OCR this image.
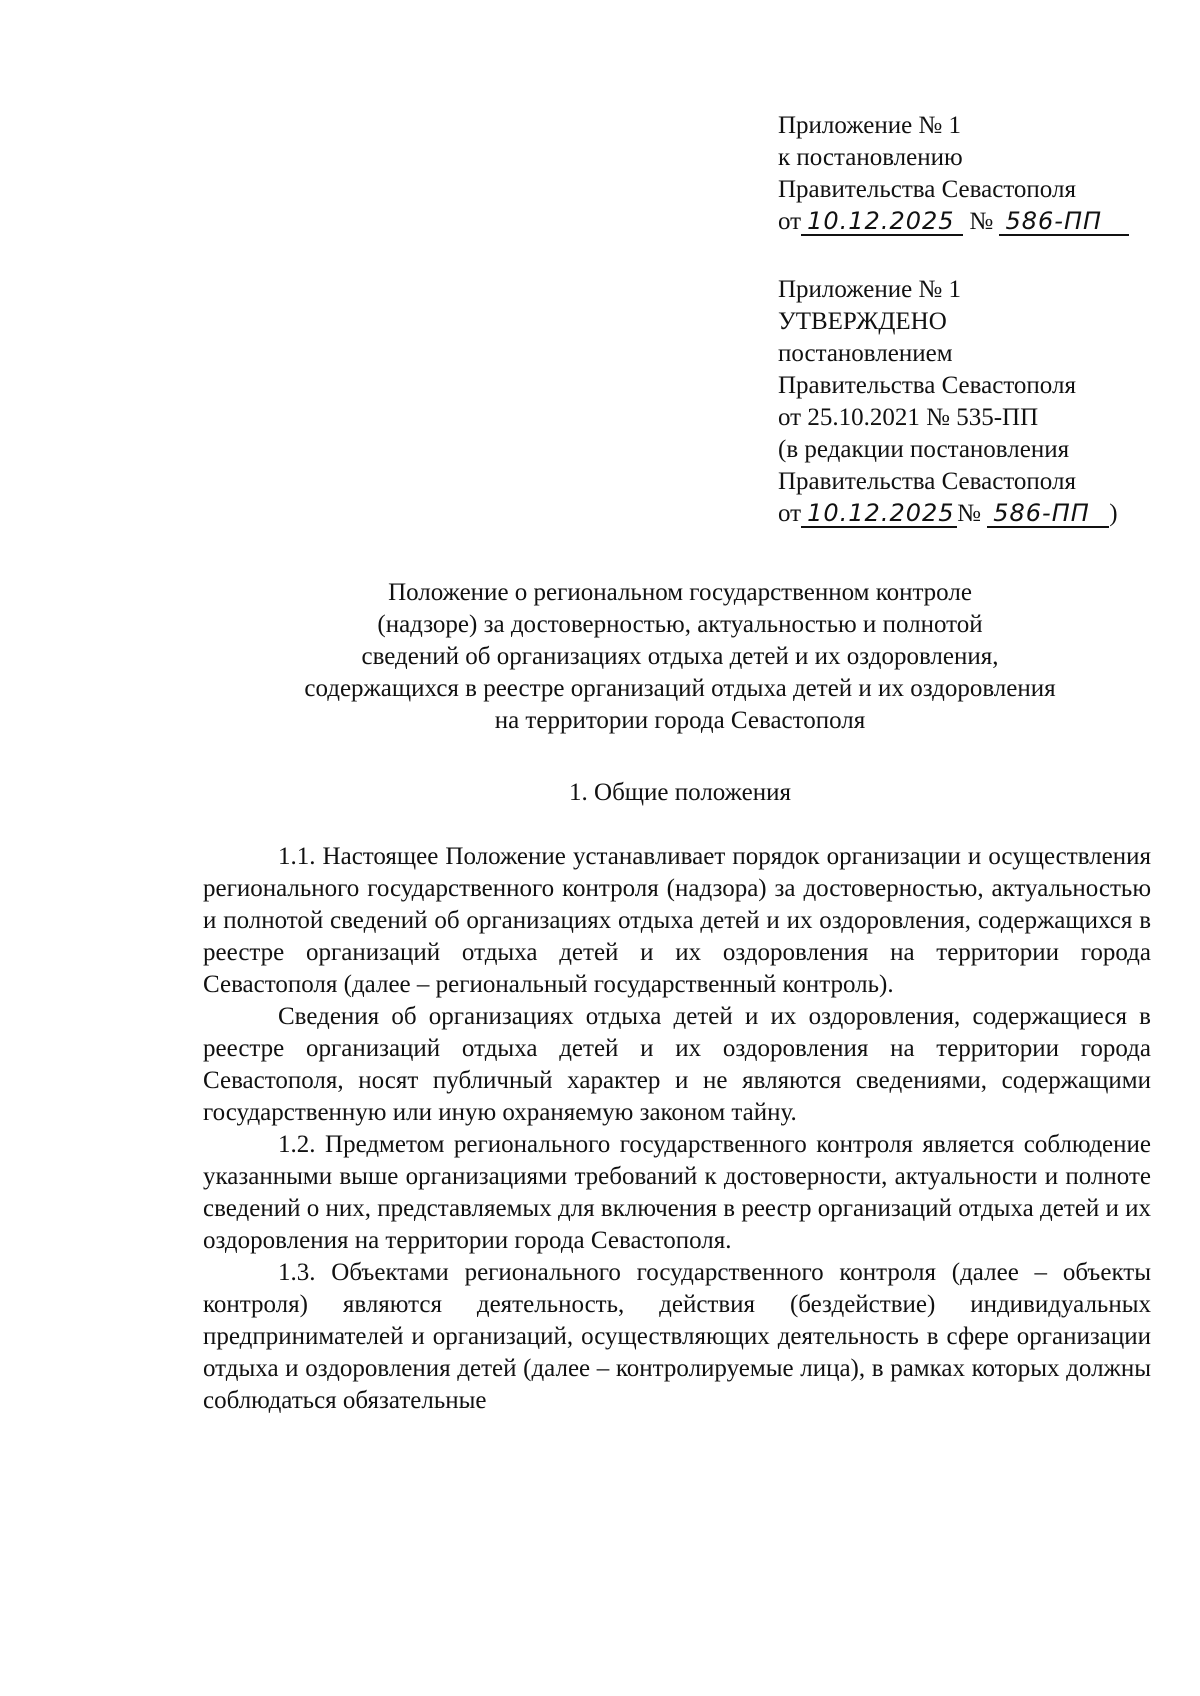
Приложение № 1
к постановлению
Правительства Севастополя
от 10.12.2025 № 586-ПП
Приложение № 1
УТВЕРЖДЕНО
постановлением
Правительства Севастополя
от 25.10.2021 № 535-ПП
(в редакции постановления
Правительства Севастополя
от 10.12.2025 № 586-ПП )
Положение о региональном государственном контроле
(надзоре) за достоверностью, актуальностью и полнотой
сведений об организациях отдыха детей и их оздоровления,
содержащихся в реестре организаций отдыха детей и их оздоровления
на территории города Севастополя
1. Общие положения

1.1. Настоящее Положение устанавливает порядок организации и осуществления регионального государственного контроля (надзора) за достоверностью, актуальностью и полнотой сведений об организациях отдыха детей и их оздоровления, содержащихся в реестре организаций отдыха детей и их оздоровления на территории города Севастополя (далее – региональный государственный контроль).

Сведения об организациях отдыха детей и их оздоровления, содержащиеся в реестре организаций отдыха детей и их оздоровления на территории города Севастополя, носят публичный характер и не являются сведениями, содержащими государственную или иную охраняемую законом тайну.

1.2. Предметом регионального государственного контроля является соблюдение указанными выше организациями требований к достоверности, актуальности и полноте сведений о них, представляемых для включения в реестр организаций отдыха детей и их оздоровления на территории города Севастополя.

1.3. Объектами регионального государственного контроля (далее – объекты контроля) являются деятельность, действия (бездействие) индивидуальных предпринимателей и организаций, осуществляющих деятельность в сфере организации отдыха и оздоровления детей (далее – контролируемые лица), в рамках которых должны соблюдаться обязательные
